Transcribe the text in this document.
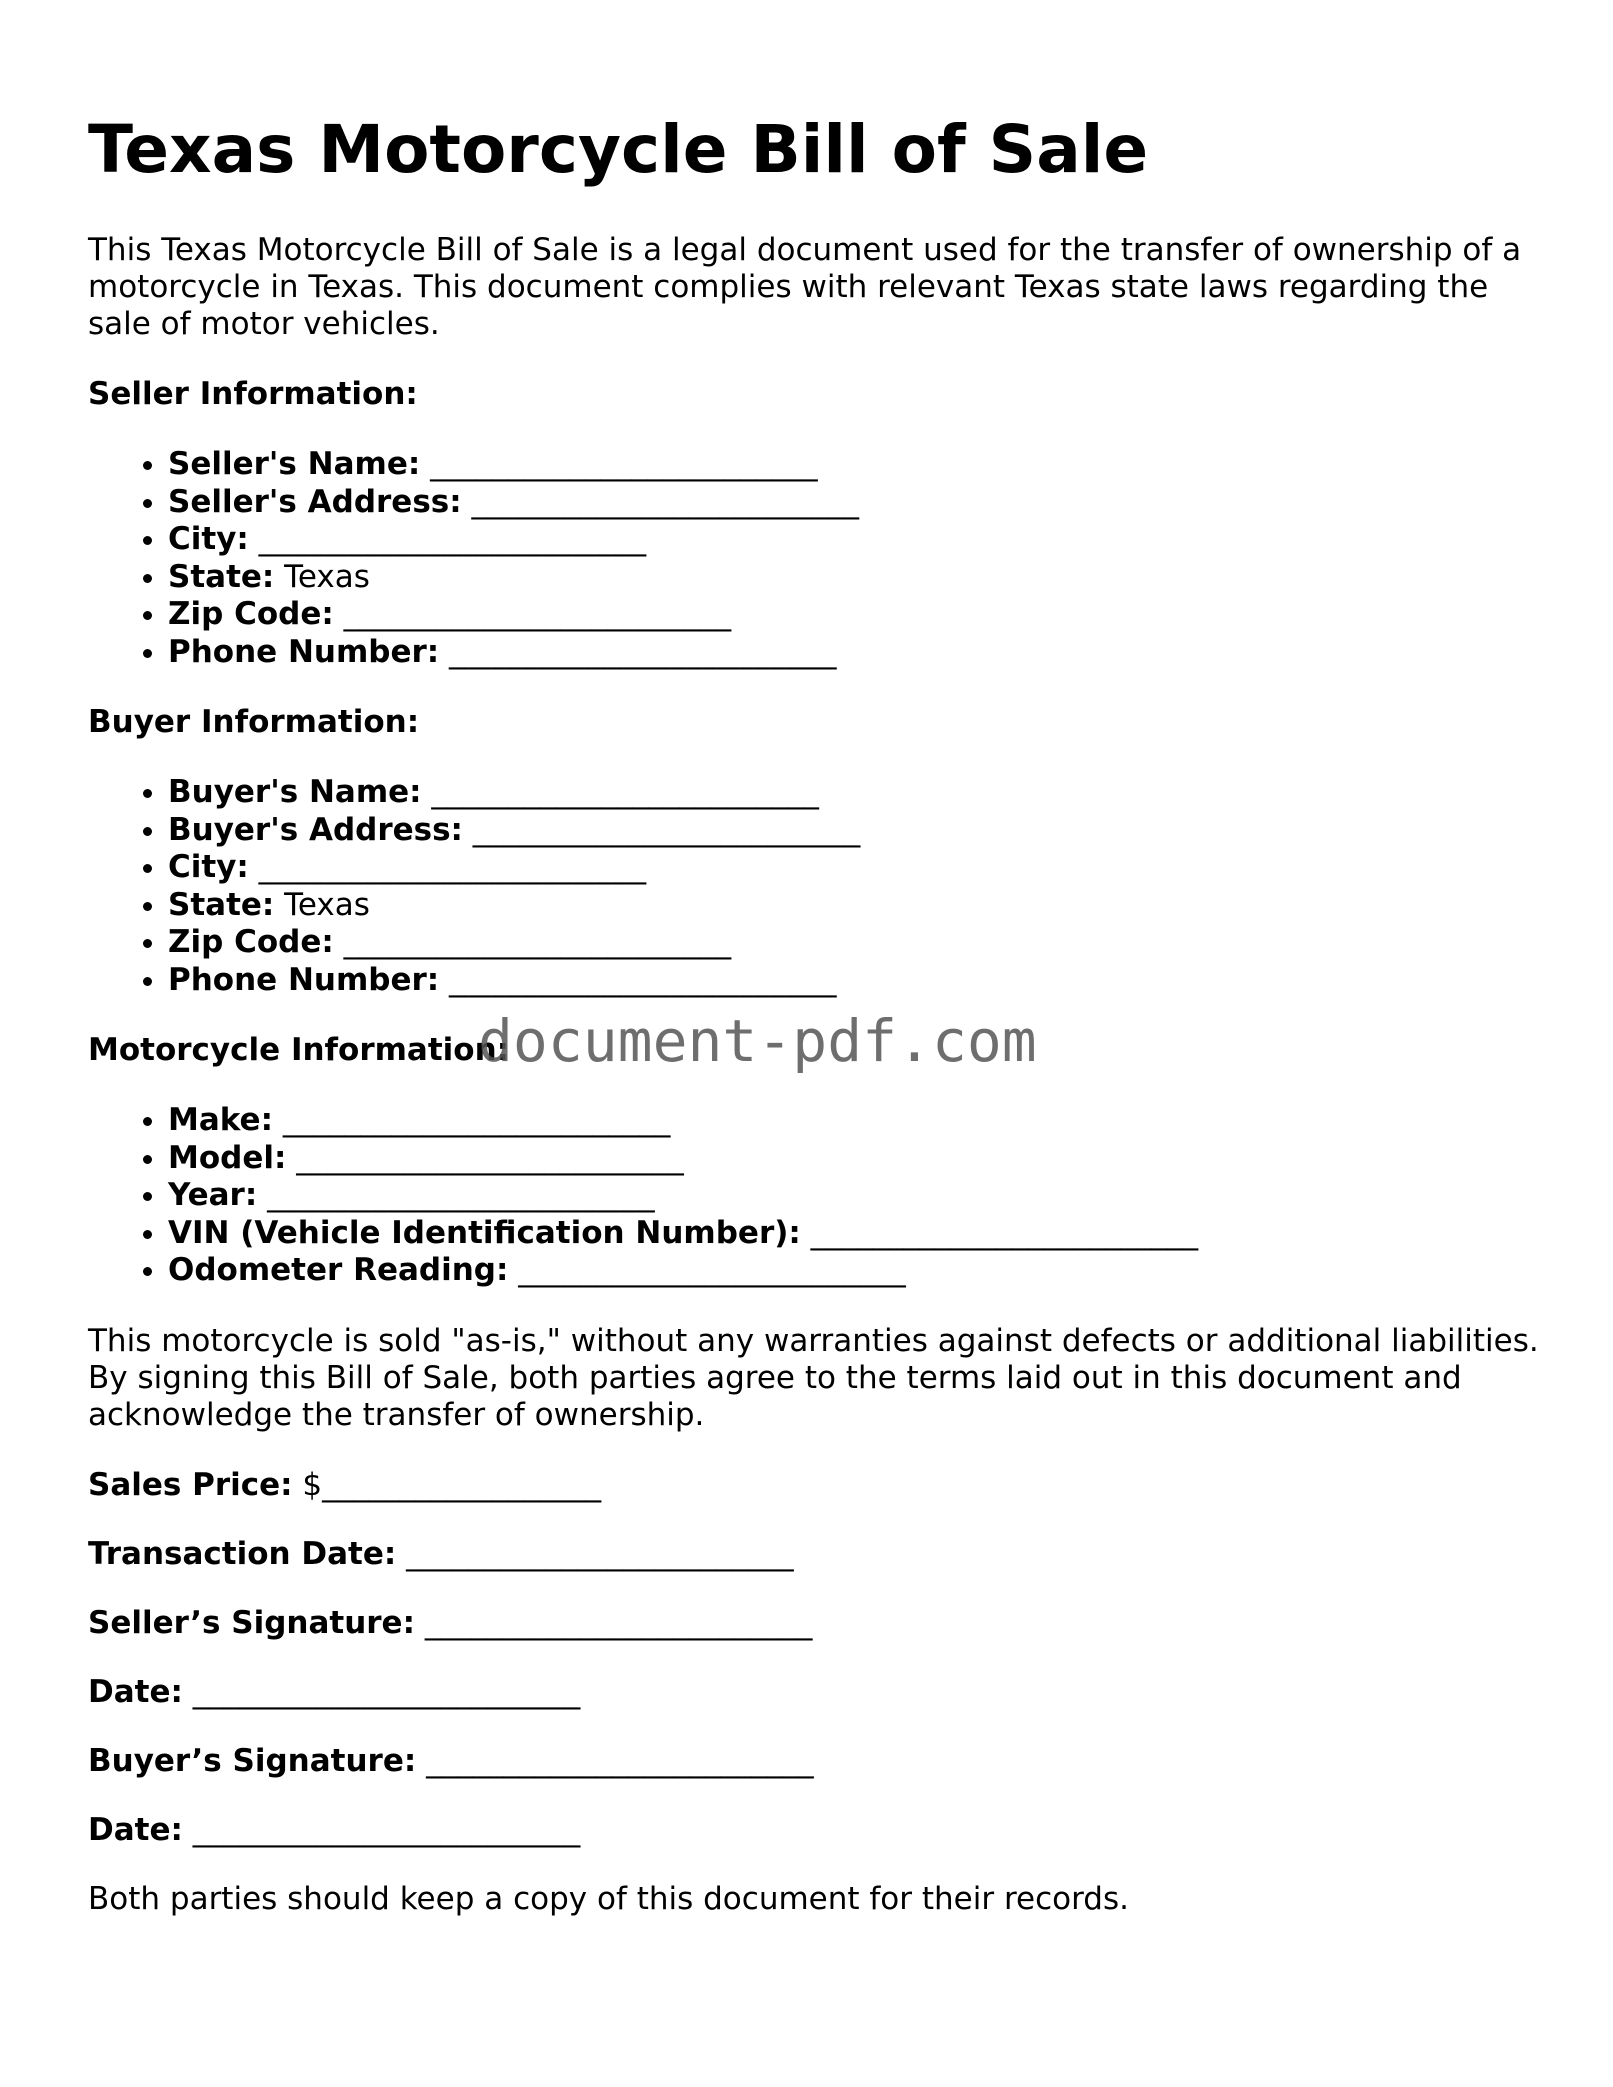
Texas Motorcycle Bill of Sale

This Texas Motorcycle Bill of Sale is a legal document used for the transfer of ownership of a motorcycle in Texas. This document complies with relevant Texas state laws regarding the sale of motor vehicles.

Seller Information:

• Seller's Name: _________________________
• Seller's Address: _________________________
• City: _________________________
• State: Texas
• Zip Code: _________________________
• Phone Number: _________________________

Buyer Information:

• Buyer's Name: _________________________
• Buyer's Address: _________________________
• City: _________________________
• State: Texas
• Zip Code: _________________________
• Phone Number: _________________________

Motorcycle Information:

• Make: _________________________
• Model: _________________________
• Year: _________________________
• VIN (Vehicle Identification Number): _________________________
• Odometer Reading: _________________________

This motorcycle is sold "as-is," without any warranties against defects or additional liabilities. By signing this Bill of Sale, both parties agree to the terms laid out in this document and acknowledge the transfer of ownership.

Sales Price: $__________________

Transaction Date: _________________________

Seller’s Signature: _________________________

Date: _________________________

Buyer’s Signature: _________________________

Date: _________________________

Both parties should keep a copy of this document for their records.

document-pdf.com
